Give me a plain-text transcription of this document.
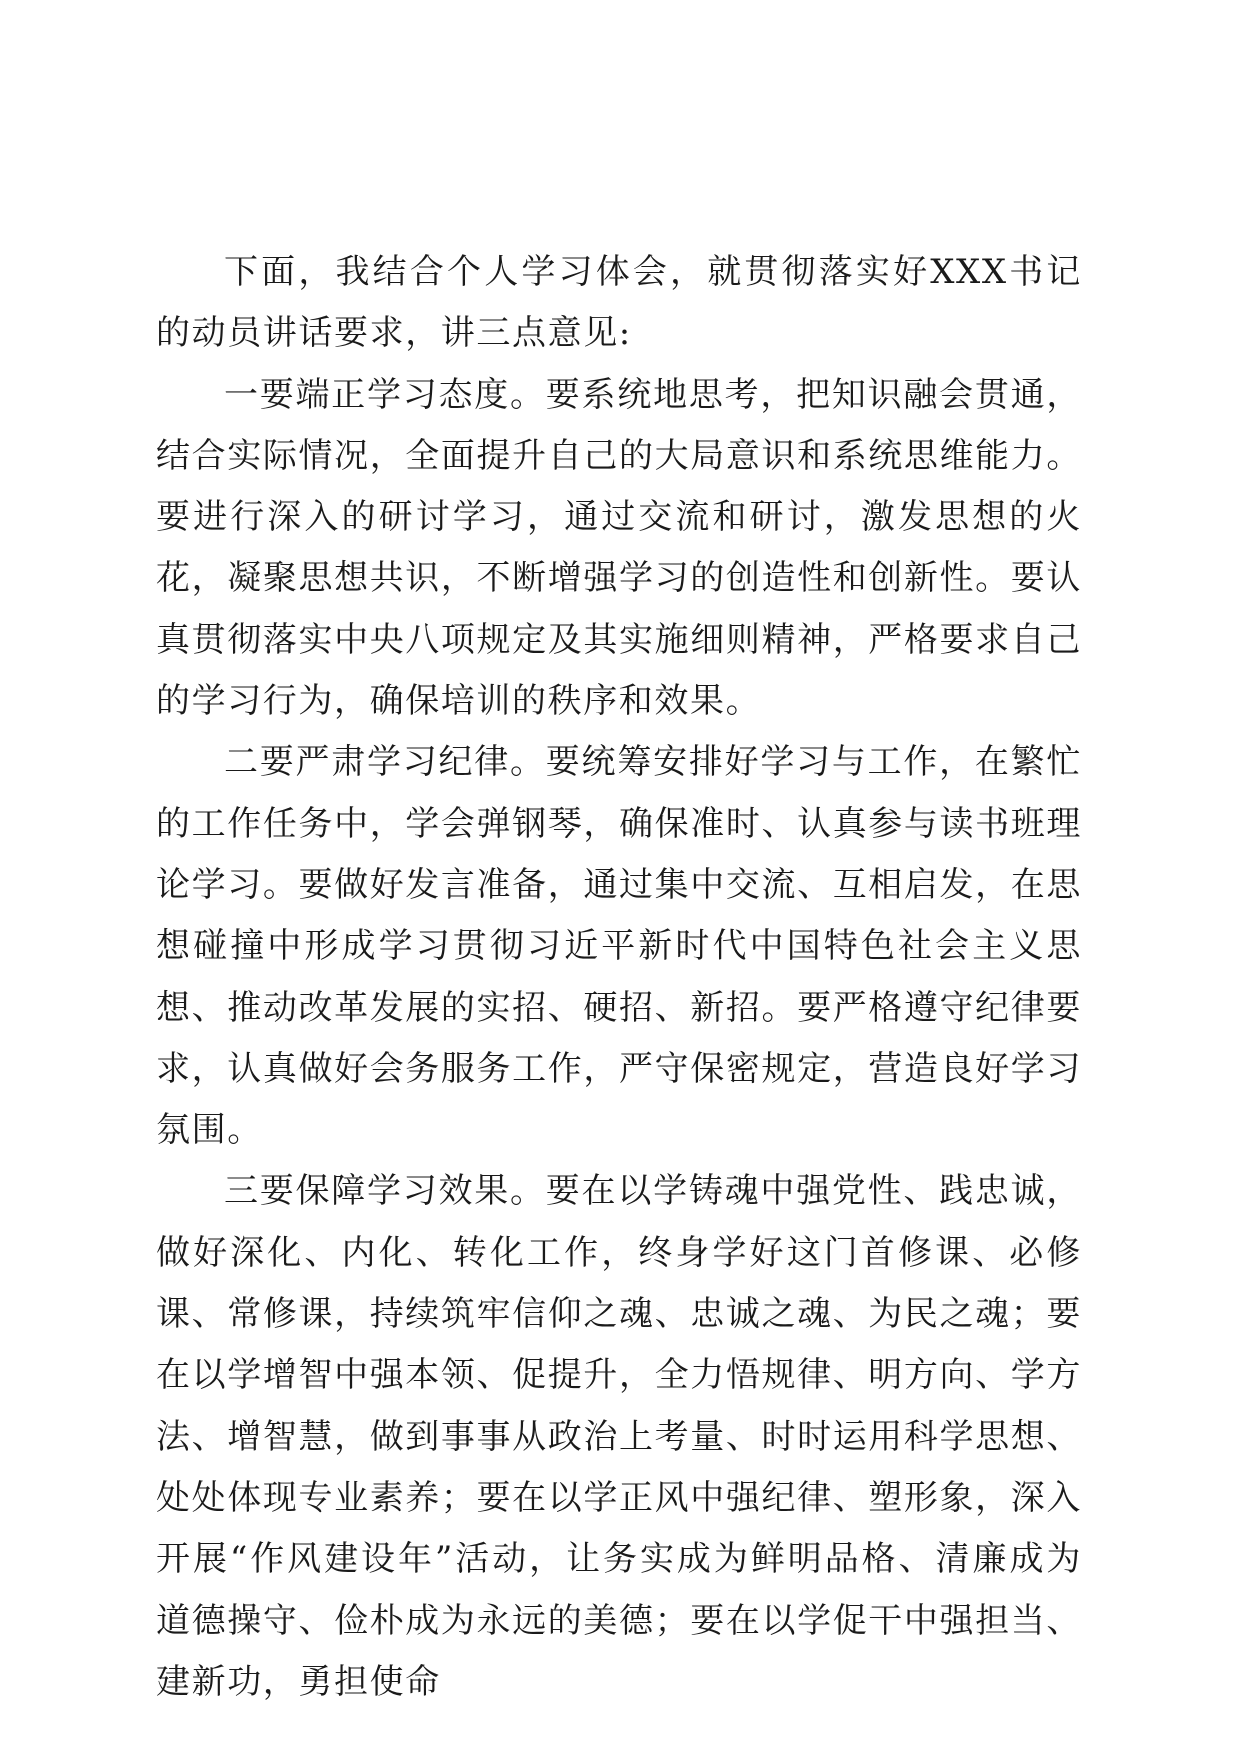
下面，我结合个人学习体会，就贯彻落实好XXX书记的动员讲话要求，讲三点意见:

一要端正学习态度。要系统地思考，把知识融会贯通，结合实际情况，全面提升自己的大局意识和系统思维能力。要进行深入的研讨学习，通过交流和研讨，激发思想的火花，凝聚思想共识，不断增强学习的创造性和创新性。要认真贯彻落实中央八项规定及其实施细则精神，严格要求自己的学习行为，确保培训的秩序和效果。

二要严肃学习纪律。要统筹安排好学习与工作，在繁忙的工作任务中，学会弹钢琴，确保准时、认真参与读书班理论学习。要做好发言准备，通过集中交流、互相启发，在思想碰撞中形成学习贯彻习近平新时代中国特色社会主义思想、推动改革发展的实招、硬招、新招。要严格遵守纪律要求，认真做好会务服务工作，严守保密规定，营造良好学习氛围。

三要保障学习效果。要在以学铸魂中强党性、践忠诚，做好深化、内化、转化工作，终身学好这门首修课、必修课、常修课，持续筑牢信仰之魂、忠诚之魂、为民之魂；要在以学增智中强本领、促提升，全力悟规律、明方向、学方法、增智慧，做到事事从政治上考量、时时运用科学思想、处处体现专业素养；要在以学正风中强纪律、塑形象，深入开展“作风建设年”活动，让务实成为鲜明品格、清廉成为道德操守、俭朴成为永远的美德；要在以学促干中强担当、建新功，勇担使命
